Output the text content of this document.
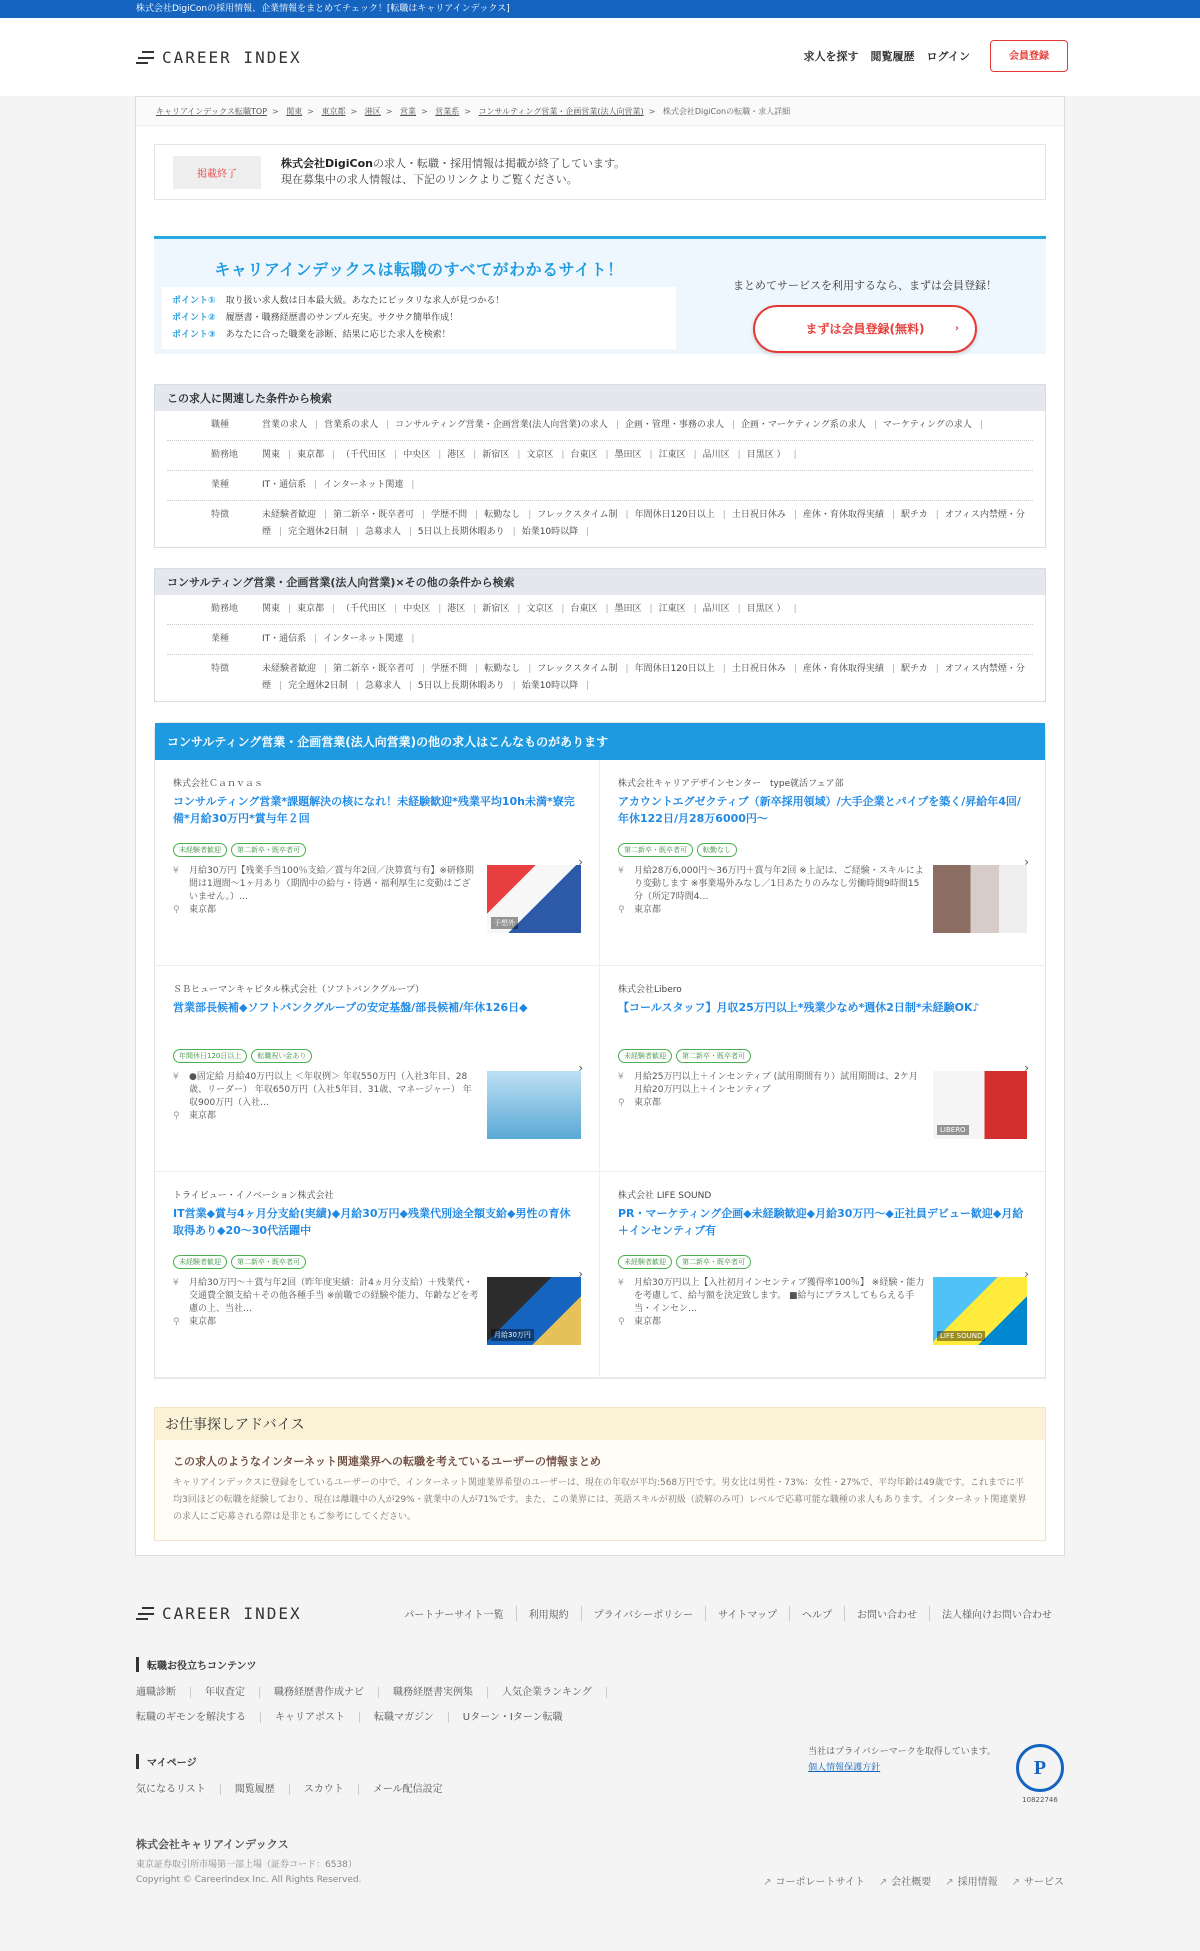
株式会社DigiConの採用情報、企業情報をまとめてチェック！[転職はキャリアインデックス]
CAREER INDEX	求人を探す 閲覧履歴 ログイン	会員登録
キャリアインデックス転職TOP > 関東 > 東京都 > 港区 > 営業 > 営業系 > コンサルティング営業・企画営業(法人向営業) > 株式会社DigiConの転職・求人詳細
掲載終了
株式会社DigiConの求人・転職・採用情報は掲載が終了しています。
現在募集中の求人情報は、下記のリンクよりご覧ください。
キャリアインデックスは転職のすべてがわかるサイト！
ポイント① 取り扱い求人数は日本最大級。あなたにピッタリな求人が見つかる！
ポイント② 履歴書・職務経歴書のサンプル充実。サクサク簡単作成！
ポイント③ あなたに合った職業を診断、結果に応じた求人を検索！
まとめてサービスを利用するなら、まずは会員登録！
まずは会員登録(無料)	›
この求人に関連した条件から検索
職種	営業の求人 | 営業系の求人 | コンサルティング営業・企画営業(法人向営業)の求人 | 企画・管理・事務の求人 | 企画・マーケティング系の求人 | マーケティングの求人 |
勤務地	関東 | 東京都 | （千代田区 | 中央区 | 港区 | 新宿区 | 文京区 | 台東区 | 墨田区 | 江東区 | 品川区 | 目黒区 ） |
業種	IT・通信系 | インターネット関連 |
特徴	未経験者歓迎 | 第二新卒・既卒者可 | 学歴不問 | 転勤なし | フレックスタイム制 | 年間休日120日以上 | 土日祝日休み | 産休・育休取得実績 | 駅チカ | オフィス内禁煙・分煙 | 完全週休2日制 | 急募求人 | 5日以上長期休暇あり | 始業10時以降 |
コンサルティング営業・企画営業(法人向営業)×その他の条件から検索
勤務地	関東 | 東京都 | （千代田区 | 中央区 | 港区 | 新宿区 | 文京区 | 台東区 | 墨田区 | 江東区 | 品川区 | 目黒区 ） |
業種	IT・通信系 | インターネット関連 |
特徴	未経験者歓迎 | 第二新卒・既卒者可 | 学歴不問 | 転勤なし | フレックスタイム制 | 年間休日120日以上 | 土日祝日休み | 産休・育休取得実績 | 駅チカ | オフィス内禁煙・分煙 | 完全週休2日制 | 急募求人 | 5日以上長期休暇あり | 始業10時以降 |
コンサルティング営業・企画営業(法人向営業)の他の求人はこんなものがあります
株式会社Ｃａｎｖａｓ
コンサルティング営業*課題解決の核になれ！未経験歓迎*残業平均10h未満*寮完備*月給30万円*賞与年２回
未経験者歓迎	第二新卒・既卒者可
¥	月給30万円【残業手当100％支給／賞与年2回／決算賞与有】※研修期間は1週間〜1ヶ月あり（期間中の給与・待遇・福利厚生に変動はございません。）…
⚲	東京都
予想外
›
株式会社キャリアデザインセンター　type就活フェア部
アカウントエグゼクティブ（新卒採用領域）/大手企業とパイプを築く/昇給年4回/年休122日/月28万6000円～
第二新卒・既卒者可	転勤なし
¥	月給28万6,000円～36万円＋賞与年2回 ※上記は、ご経験・スキルにより変動します ※事業場外みなし／1日あたりのみなし労働時間9時間15分（所定7時間4…
⚲	東京都
›
ＳＢヒューマンキャピタル株式会社（ソフトバンクグループ）
営業部長候補◆ソフトバンクグループの安定基盤/部長候補/年休126日◆
年間休日120日以上	転職祝い金あり
¥	●固定給 月給40万円以上 ＜年収例＞ 年収550万円（入社3年目、28歳、リーダー） 年収650万円（入社5年目、31歳、マネージャー） 年収900万円（入社…
⚲	東京都
›
株式会社Libero
【コールスタッフ】月収25万円以上*残業少なめ*週休2日制*未経験OK♪
未経験者歓迎	第二新卒・既卒者可
¥	月給25万円以上＋インセンティブ (試用期間有り）試用期間は、2ケ月　月給20万円以上＋インセンティブ
⚲	東京都
LIBERO
›
トライビュー・イノベーション株式会社
IT営業◆賞与4ヶ月分支給(実績)◆月給30万円◆残業代別途全額支給◆男性の育休取得あり◆20～30代活躍中
未経験者歓迎	第二新卒・既卒者可
¥	月給30万円～＋賞与年2回（昨年度実績：計4ヵ月分支給）＋残業代・交通費全額支給＋その他各種手当 ※前職での経験や能力、年齢などを考慮の上、当社…
⚲	東京都
月給30万円
›
株式会社 LIFE SOUND
PR・マーケティング企画◆未経験歓迎◆月給30万円～◆正社員デビュー歓迎◆月給＋インセンティブ有
未経験者歓迎	第二新卒・既卒者可
¥	月給30万円以上【入社初月インセンティブ獲得率100％】 ※経験・能力を考慮して、給与額を決定致します。 ■給与にプラスしてもらえる手当・インセン…
⚲	東京都
LIFE SOUND
›
お仕事探しアドバイス
この求人のようなインターネット関連業界への転職を考えているユーザーの情報まとめ
キャリアインデックスに登録をしているユーザーの中で、インターネット関連業界希望のユーザーは、現在の年収が平均:568万円です。男女比は男性・73%：女性・27%で、平均年齢は49歳です。これまでに平均3回ほどの転職を経験しており、現在は離職中の人が29%・就業中の人が71%です。また、この業界には、英語スキルが初級（読解のみ可）レベルで応募可能な職種の求人もあります。インターネット関連業界の求人にご応募される際は是非ともご参考にしてください。
CAREER INDEX	パートナーサイト一覧	利用規約	プライバシーポリシー	サイトマップ	ヘルプ	お問い合わせ	法人様向けお問い合わせ
転職お役立ちコンテンツ
適職診断	年収査定	職務経歴書作成ナビ	職務経歴書実例集	人気企業ランキング
転職のギモンを解決する	キャリアポスト	転職マガジン	Uターン・Iターン転職
マイページ
気になるリスト	閲覧履歴	スカウト	メール配信設定
当社はプライバシーマークを取得しています。
個人情報保護方針	P
10822746
株式会社キャリアインデックス
東京証券取引所市場第一部上場（証券コード：6538）
Copyright © CareerIndex Inc. All Rights Reserved.	↗ コーポレートサイト	↗ 会社概要	↗ 採用情報	↗ サービス
